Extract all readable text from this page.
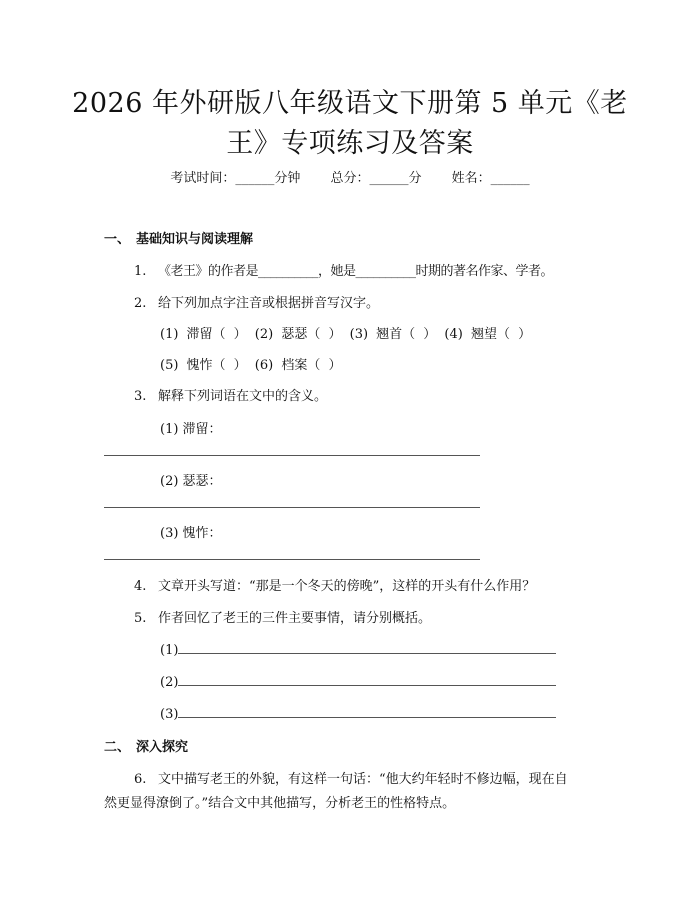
2026 年外研版八年级语文下册第 5 单元《老
王》专项练习及答案
考试时间：______分钟 总分：______分 姓名：______
一、 基础知识与阅读理解
1. 《老王》的作者是__________，她是__________时期的著名作家、学者。
2. 给下列加点字注音或根据拼音写汉字。
(1) 滞留（ ） (2) 瑟瑟（ ） (3) 翘首（ ） (4) 翘望（ ）
(5) 愧怍（ ） (6) 档案（ ）
3. 解释下列词语在文中的含义。
(1) 滞留：
(2) 瑟瑟：
(3) 愧怍：
4. 文章开头写道：“那是一个冬天的傍晚”，这样的开头有什么作用？
5. 作者回忆了老王的三件主要事情，请分别概括。
(1)
(2)
(3)
二、 深入探究
6. 文中描写老王的外貌，有这样一句话：“他大约年轻时不修边幅，现在自
然更显得潦倒了。”结合文中其他描写，分析老王的性格特点。
